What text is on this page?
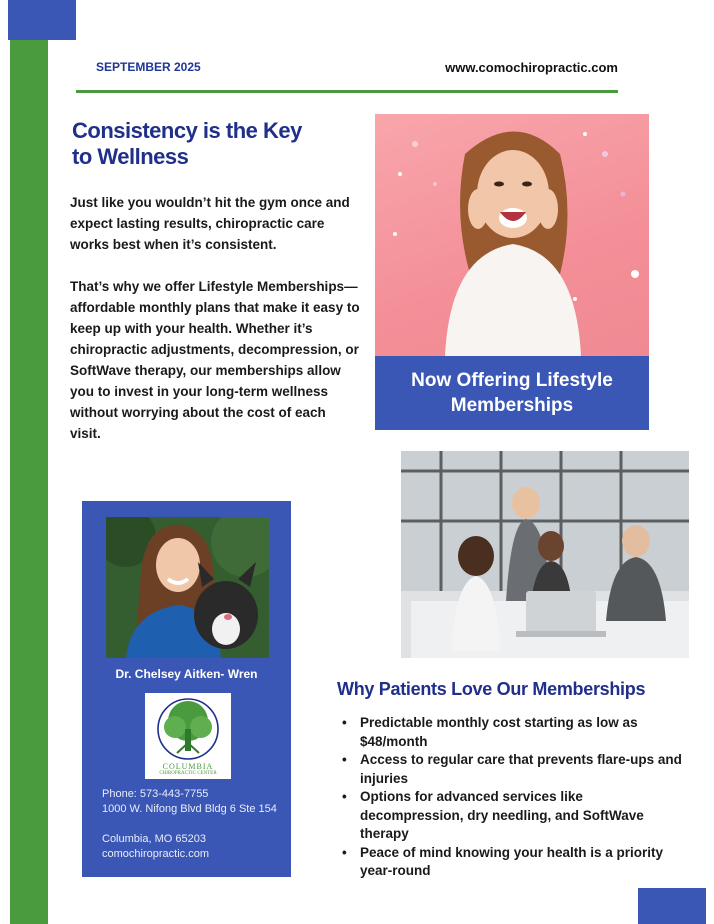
SEPTEMBER 2025	www.comochiropractic.com
Consistency is the Key
to Wellness
Just like you wouldn’t hit the gym once and expect lasting results, chiropractic care works best when it’s consistent.
That’s why we offer Lifestyle Memberships—affordable monthly plans that make it easy to keep up with your health. Whether it’s chiropractic adjustments, decompression, or SoftWave therapy, our memberships allow you to invest in your long-term wellness without worrying about the cost of each visit.
Now Offering Lifestyle
Memberships
Dr. Chelsey Aitken- Wren
COLUMBIA
CHIROPRACTIC CENTER
Phone: 573-443-7755
1000 W. Nifong Blvd Bldg 6 Ste 154
Columbia, MO 65203
comochiropractic.com
Why Patients Love Our Memberships
• Predictable monthly cost starting as low as $48/month
• Access to regular care that prevents flare-ups and injuries
• Options for advanced services like decompression, dry needling, and SoftWave therapy
• Peace of mind knowing your health is a priority year-round
